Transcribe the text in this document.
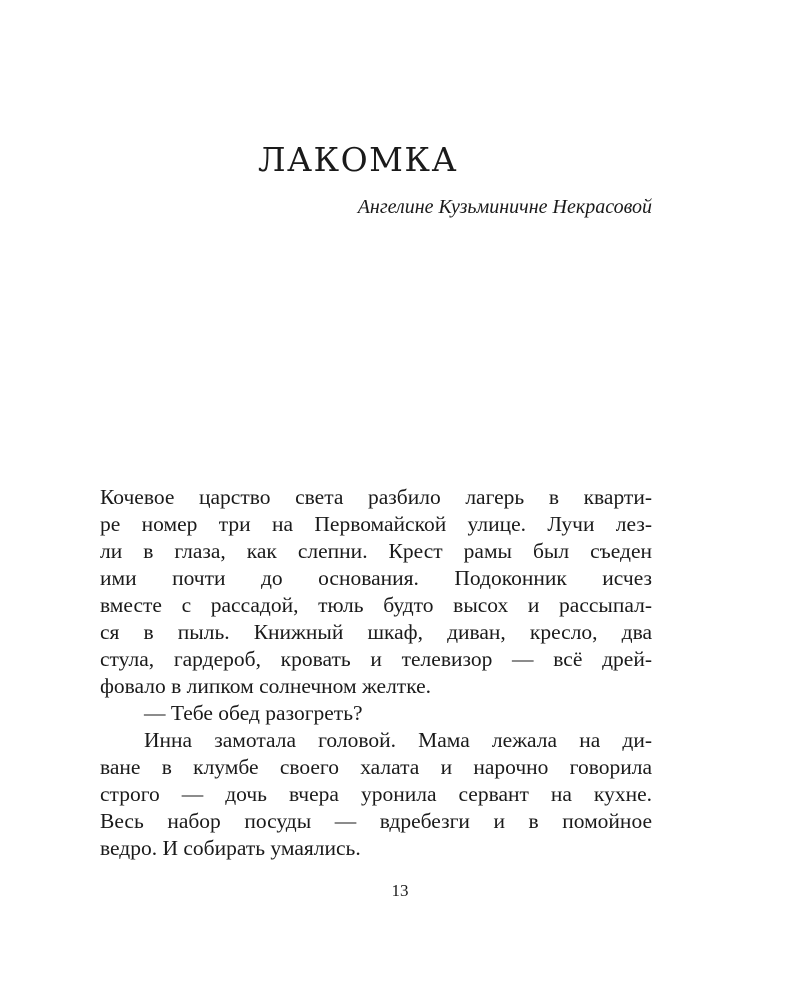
ЛАКОМКА

Ангелине Кузьминичне Некрасовой

Кочевое царство света разбило лагерь в кварти-
ре номер три на Первомайской улице. Лучи лез-
ли в глаза, как слепни. Крест рамы был съеден
ими почти до основания. Подоконник исчез
вместе с рассадой, тюль будто высох и рассыпал-
ся в пыль. Книжный шкаф, диван, кресло, два
стула, гардероб, кровать и телевизор — всё дрей-
фовало в липком солнечном желтке.
— Тебе обед разогреть?
Инна замотала головой. Мама лежала на ди-
ване в клумбе своего халата и нарочно говорила
строго — дочь вчера уронила сервант на кухне.
Весь набор посуды — вдребезги и в помойное
ведро. И собирать умаялись.
13
